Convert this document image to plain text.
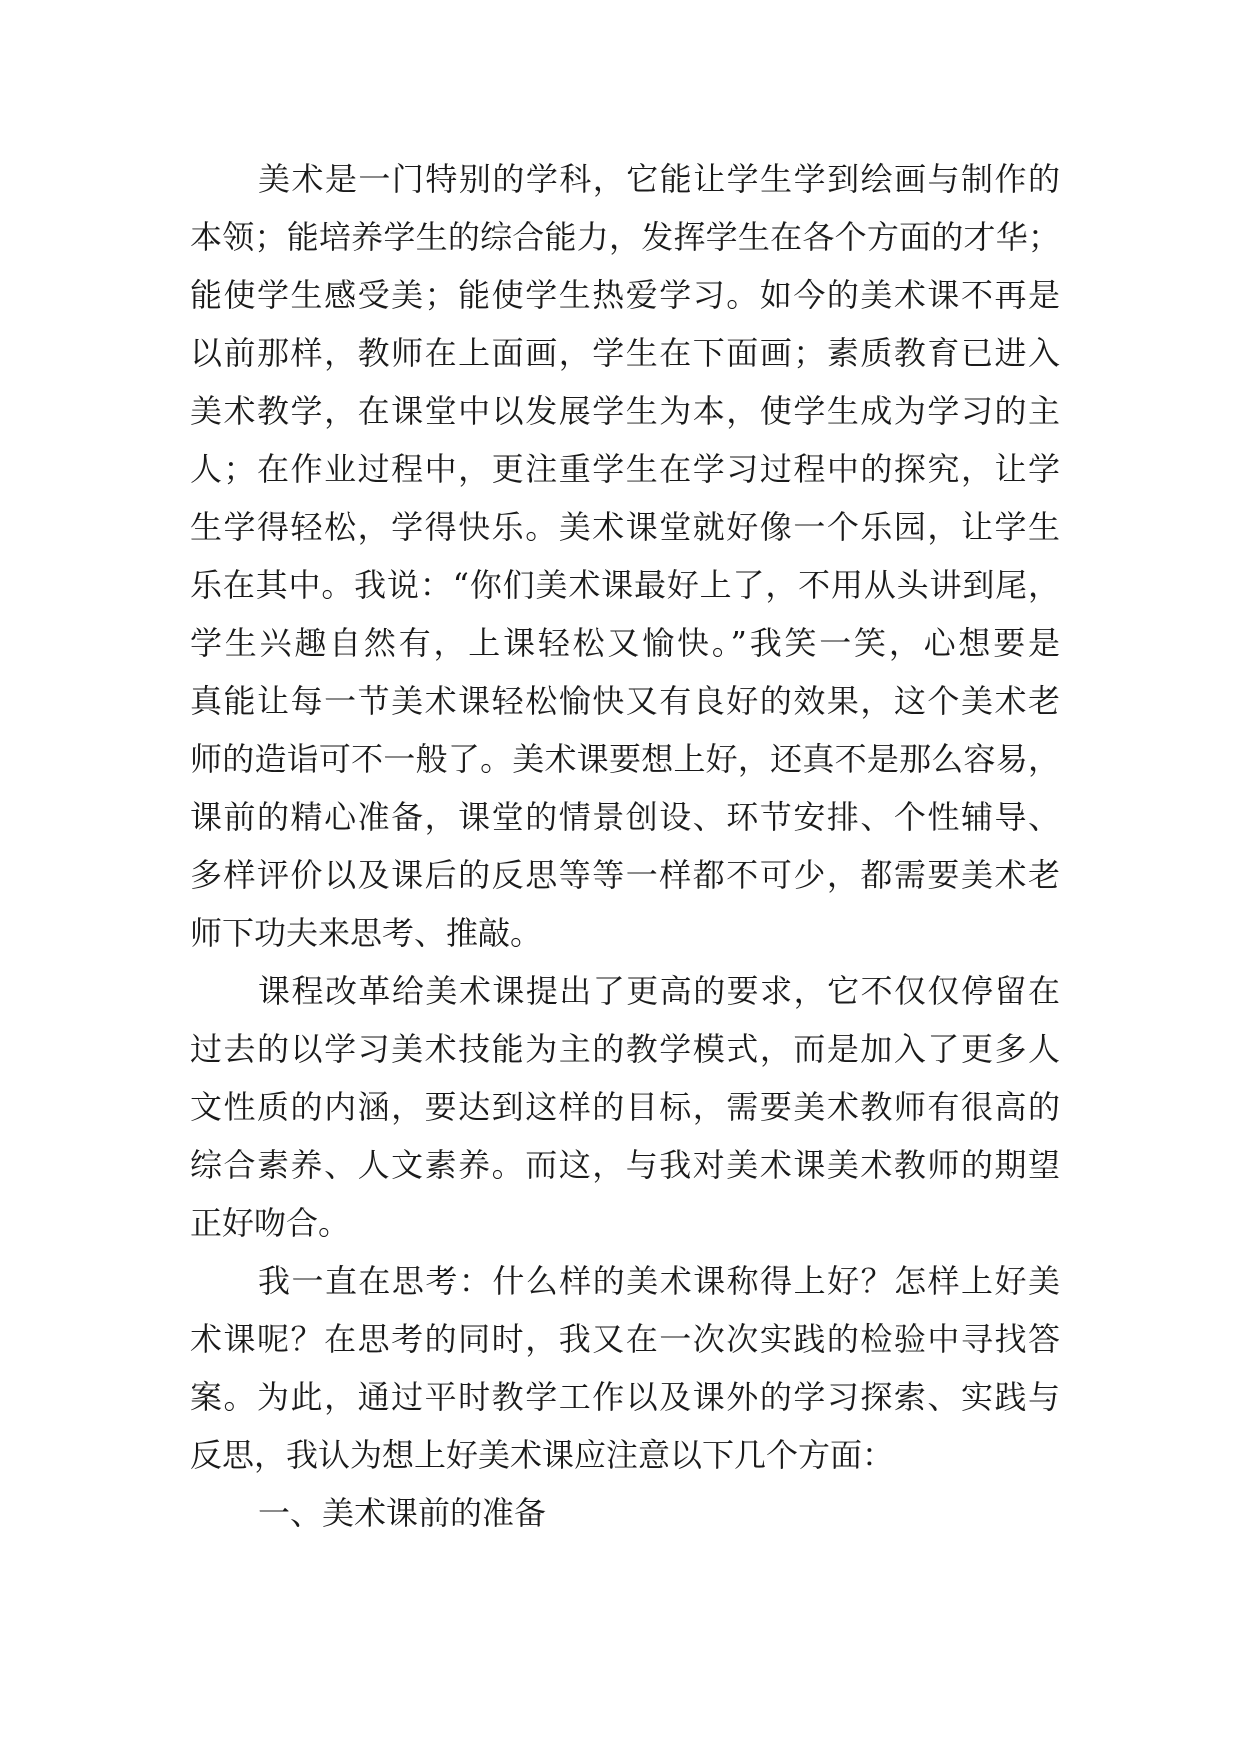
美术是一门特别的学科，它能让学生学到绘画与制作的
本领；能培养学生的综合能力，发挥学生在各个方面的才华；
能使学生感受美；能使学生热爱学习。如今的美术课不再是
以前那样，教师在上面画，学生在下面画；素质教育已进入
美术教学，在课堂中以发展学生为本，使学生成为学习的主
人；在作业过程中，更注重学生在学习过程中的探究，让学
生学得轻松，学得快乐。美术课堂就好像一个乐园，让学生
乐在其中。我说：“你们美术课最好上了，不用从头讲到尾，
学生兴趣自然有，上课轻松又愉快。”我笑一笑，心想要是
真能让每一节美术课轻松愉快又有良好的效果，这个美术老
师的造诣可不一般了。美术课要想上好，还真不是那么容易，
课前的精心准备，课堂的情景创设、环节安排、个性辅导、
多样评价以及课后的反思等等一样都不可少，都需要美术老
师下功夫来思考、推敲。
课程改革给美术课提出了更高的要求，它不仅仅停留在
过去的以学习美术技能为主的教学模式，而是加入了更多人
文性质的内涵，要达到这样的目标，需要美术教师有很高的
综合素养、人文素养。而这，与我对美术课美术教师的期望
正好吻合。
我一直在思考：什么样的美术课称得上好？怎样上好美
术课呢？在思考的同时，我又在一次次实践的检验中寻找答
案。为此，通过平时教学工作以及课外的学习探索、实践与
反思，我认为想上好美术课应注意以下几个方面：
一、美术课前的准备
